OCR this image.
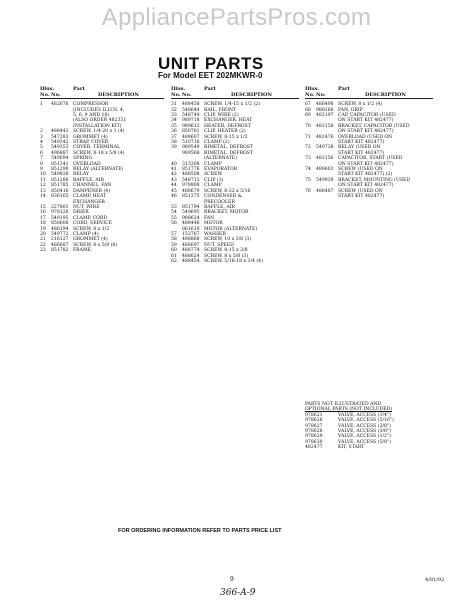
AppliancePartsPros.com
UNIT PARTS
For Model EET 202MKWR-0
Illus.	Part
No. No.	DESCRIPTION
1	482676 COMPRESSOR
(INCLUDES ILLUS. 4,
5, 6, 9 AND 16)
(ALSO ORDER 482331
INSTALLATION KIT)
2	488443 SCREW, 1/4-20 x 1 (4)
3	547283 GROMMET (4)
4	549342 STRAP, COVER
5	549353 COVER, TERMINAL
6	496887 SCREW, 8-18 x 5/8 (4)
7	549094 SPRING
8	851341 OVERLOAD
9	851290 RELAY (ALTERNATE)
10	549838 RELAY
11	851286 BAFFLE, AIR
12	851785 CHANNEL, FAN
13	850416 DAMPENER (4)
14	836165 CLAMP, HEAT
EXCHANGER
15	227801 NUT, WIRE
16	978126 DRIER
17	549195 CLAMP, CORD
18	850606 CORD, SERVICE
19	486194 SCREW, 8 x 1/2
20	549772 CLAMP (4)
21	216127 GROMMET (4)
22	486687 SCREW, 8 x 5/8 (8)
23	851782 FRAME
Illus.	Part
No. No.	DESCRIPTION
31	488458 SCREW, 1/4-15 x 1/2 (2)
32	548644 RAIL, FRONT
33	548744 CLIP, WIRE (2)
34	989718 EXCHANGER, HEAT
35	989613 HEATER, DEFROST
36	850761 CLIP, HEATER (2)
37	488607 SCREW, 8-15 x 1/2
38	510716 CLAMP (2)
39	989549 BIMETAL, DEFROST
989568 BIMETAL, DEFROST
(ALTERNATE)
40	313308 CLAMP
41	851776 EVAPORATOR
42	488508 SCREW
43	548713 CLIP (3)
44	978808 CLAMP
45	488679 SCREW, 8-32 x 5/16
46	851375 CONDENSER &
PRECOOLER
53	851794 BAFFLE, AIR
54	549695 BRACKET, MOTOR
55	988624 FAN
56	488446 MOTOR
861619 MOTOR (ALTERNATE)
57	153767 WASHER
58	488868 SCREW, 10 x 3/8 (3)
59	486697 NUT, SPEED
60	488774 SCREW, 8-15 x 3/8
61	488624 SCREW, 8 x 5/8 (3)
62	488454 SCREW, 5/16-18 x 3/4 (4)
Illus.	Part
No. No.	DESCRIPTION
67	486498 SCREW, 8 x 1/2 (4)
68	989266 FAN, GRIP
69	482197 CAP, CAPACITOR (USED
ON START KIT 482477)
70	482158 BRACKET, CAPACITOR (USED
ON START KIT 482477)
71	482476 OVERLOAD (USED ON
START KIT 482477)
72	549738 RELAY (USED ON
START KIT 482477)
73	482156 CAPACITOR, START (USED
ON START KIT 482477)
74	488603 SCREW (USED ON
START KIT 482477) (2)
75	549939 BRACKET, MOUNTING (USED
ON START KIT 482477)
76	488487 SCREW (USED ON
START KIT 482477)
PARTS NOT ILLUSTRATED AND
OPTIONAL PARTS (NOT INCLUDED)
978621	VALVE, ACCESS (1/4")
978626	VALVE, ACCESS (5/16")
978627	VALVE, ACCESS (3/8")
978628	VALVE, ACCESS (3/8")
978629	VALVE, ACCESS (1/2")
978630	VALVE, ACCESS (5/8")
482477	KIT, START
FOR ORDERING INFORMATION REFER TO PARTS PRICE LIST
9	4/81/92
366-A-9
